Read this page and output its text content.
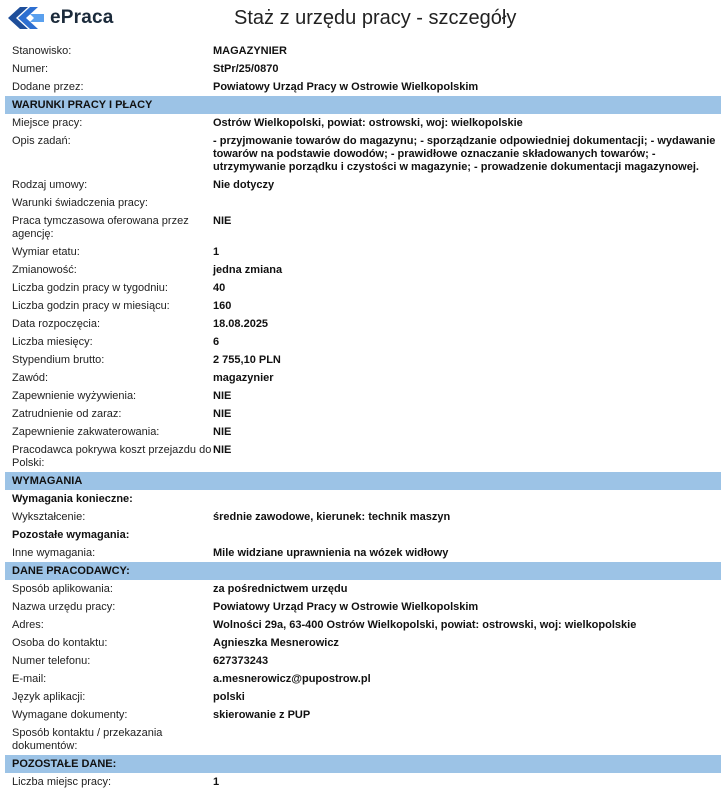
ePraca	Staż z urzędu pracy - szczegóły
Stanowisko:	MAGAZYNIER
Numer:	StPr/25/0870
Dodane przez:	Powiatowy Urząd Pracy w Ostrowie Wielkopolskim
WARUNKI PRACY I PŁACY
Miejsce pracy:	Ostrów Wielkopolski, powiat: ostrowski, woj: wielkopolskie
Opis zadań:	- przyjmowanie towarów do magazynu; - sporządzanie odpowiedniej dokumentacji; - wydawanie towarów na podstawie dowodów; - prawidłowe oznaczanie składowanych towarów; - utrzymywanie porządku i czystości w magazynie; - prowadzenie dokumentacji magazynowej.
Rodzaj umowy:	Nie dotyczy
Warunki świadczenia pracy:
Praca tymczasowa oferowana przez agencję:
NIE
Wymiar etatu:	1
Zmianowość:	jedna zmiana
Liczba godzin pracy w tygodniu:	40
Liczba godzin pracy w miesiącu:	160
Data rozpoczęcia:	18.08.2025
Liczba miesięcy:	6
Stypendium brutto:	2 755,10 PLN
Zawód:	magazynier
Zapewnienie wyżywienia:	NIE
Zatrudnienie od zaraz:	NIE
Zapewnienie zakwaterowania:	NIE
Pracodawca pokrywa koszt przejazdu do Polski:
NIE
WYMAGANIA
Wymagania konieczne:
Wykształcenie:	średnie zawodowe, kierunek: technik maszyn
Pozostałe wymagania:
Inne wymagania:	Mile widziane uprawnienia na wózek widłowy
DANE PRACODAWCY:
Sposób aplikowania:	za pośrednictwem urzędu
Nazwa urzędu pracy:	Powiatowy Urząd Pracy w Ostrowie Wielkopolskim
Adres:	Wolności 29a, 63-400 Ostrów Wielkopolski, powiat: ostrowski, woj: wielkopolskie
Osoba do kontaktu:	Agnieszka Mesnerowicz
Numer telefonu:	627373243
E-mail:	a.mesnerowicz@pupostrow.pl
Język aplikacji:	polski
Wymagane dokumenty:	skierowanie z PUP
Sposób kontaktu / przekazania dokumentów:
POZOSTAŁE DANE:
Liczba miejsc pracy:	1
